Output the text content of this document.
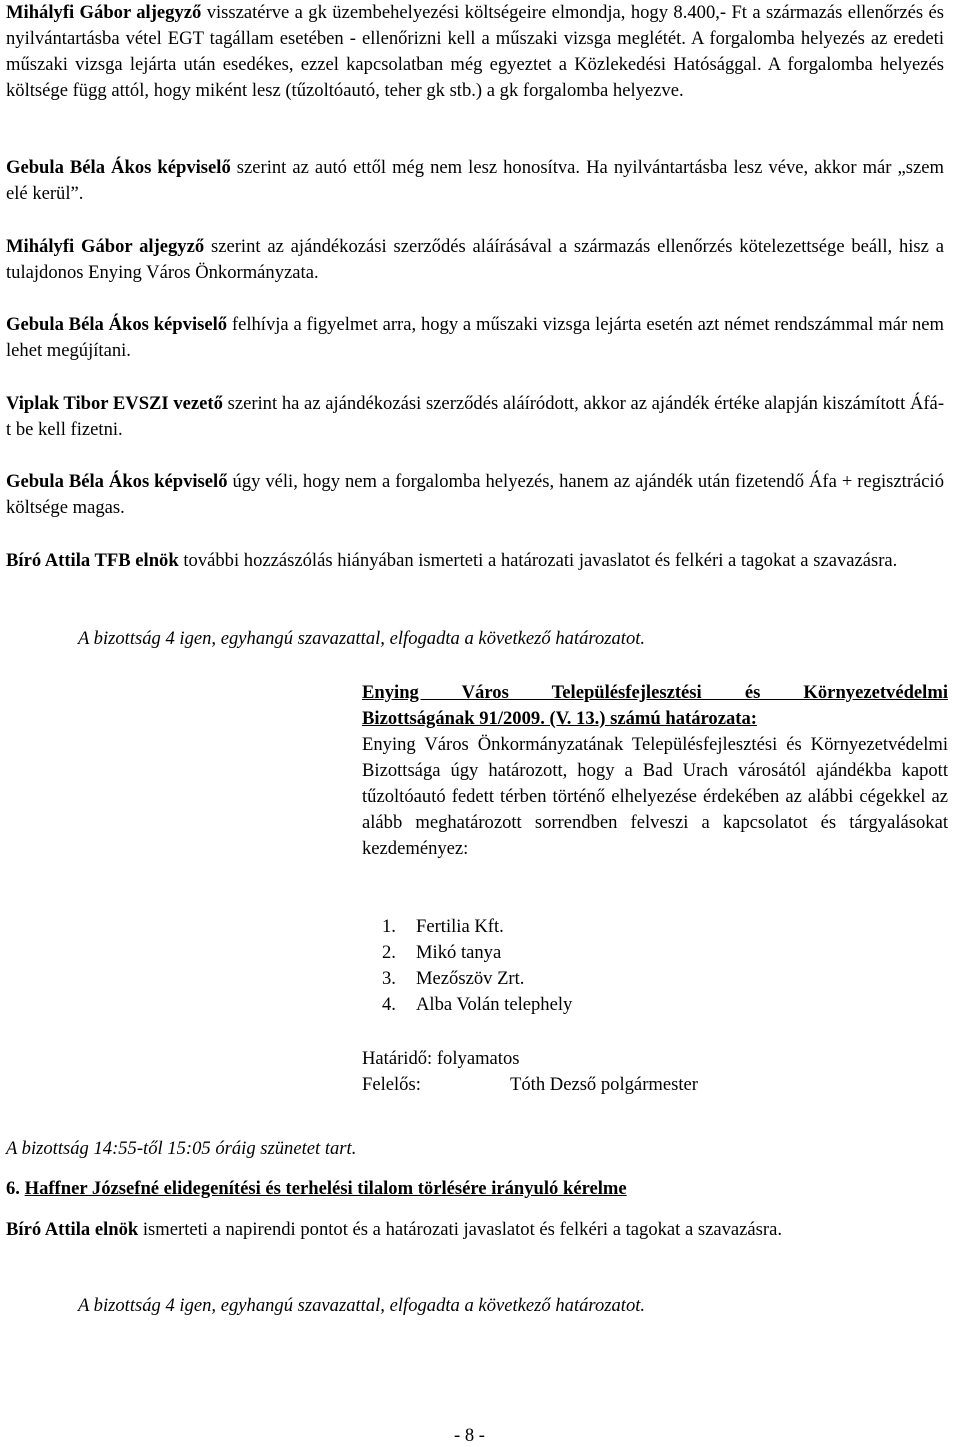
Mihályfi Gábor aljegyző visszatérve a gk üzembehelyezési költségeire elmondja, hogy 8.400,- Ft a származás ellenőrzés és nyilvántartásba vétel EGT tagállam esetében - ellenőrizni kell a műszaki vizsga meglétét. A forgalomba helyezés az eredeti műszaki vizsga lejárta után esedékes, ezzel kapcsolatban még egyeztet a Közlekedési Hatósággal. A forgalomba helyezés költsége függ attól, hogy miként lesz (tűzoltóautó, teher gk stb.) a gk forgalomba helyezve.

Gebula Béla Ákos képviselő szerint az autó ettől még nem lesz honosítva. Ha nyilvántartásba lesz véve, akkor már „szem elé kerül”.

Mihályfi Gábor aljegyző szerint az ajándékozási szerződés aláírásával a származás ellenőrzés kötelezettsége beáll, hisz a tulajdonos Enying Város Önkormányzata.

Gebula Béla Ákos képviselő felhívja a figyelmet arra, hogy a műszaki vizsga lejárta esetén azt német rendszámmal már nem lehet megújítani.

Viplak Tibor EVSZI vezető szerint ha az ajándékozási szerződés aláíródott, akkor az ajándék értéke alapján kiszámított Áfá-t be kell fizetni.

Gebula Béla Ákos képviselő úgy véli, hogy nem a forgalomba helyezés, hanem az ajándék után fizetendő Áfa + regisztráció költsége magas.

Bíró Attila TFB elnök további hozzászólás hiányában ismerteti a határozati javaslatot és felkéri a tagokat a szavazásra.

A bizottság 4 igen, egyhangú szavazattal, elfogadta a következő határozatot.
Enying Város Településfejlesztési és Környezetvédelmi
Bizottságának 91/2009. (V. 13.) számú határozata:

Enying Város Önkormányzatának Településfejlesztési és Környezetvédelmi Bizottsága úgy határozott, hogy a Bad Urach városától ajándékba kapott tűzoltóautó fedett térben történő elhelyezése érdekében az alábbi cégekkel az alább meghatározott sorrendben felveszi a kapcsolatot és tárgyalásokat kezdeményez:

1. Fertilia Kft.
2. Mikó tanya
3. Mezőszöv Zrt.
4. Alba Volán telephely
Határidő: folyamatos
Felelős:	Tóth Dezső polgármester
A bizottság 14:55-től 15:05 óráig szünetet tart.
6. Haffner Józsefné elidegenítési és terhelési tilalom törlésére irányuló kérelme

Bíró Attila elnök ismerteti a napirendi pontot és a határozati javaslatot és felkéri a tagokat a szavazásra.

A bizottság 4 igen, egyhangú szavazattal, elfogadta a következő határozatot.
- 8 -
